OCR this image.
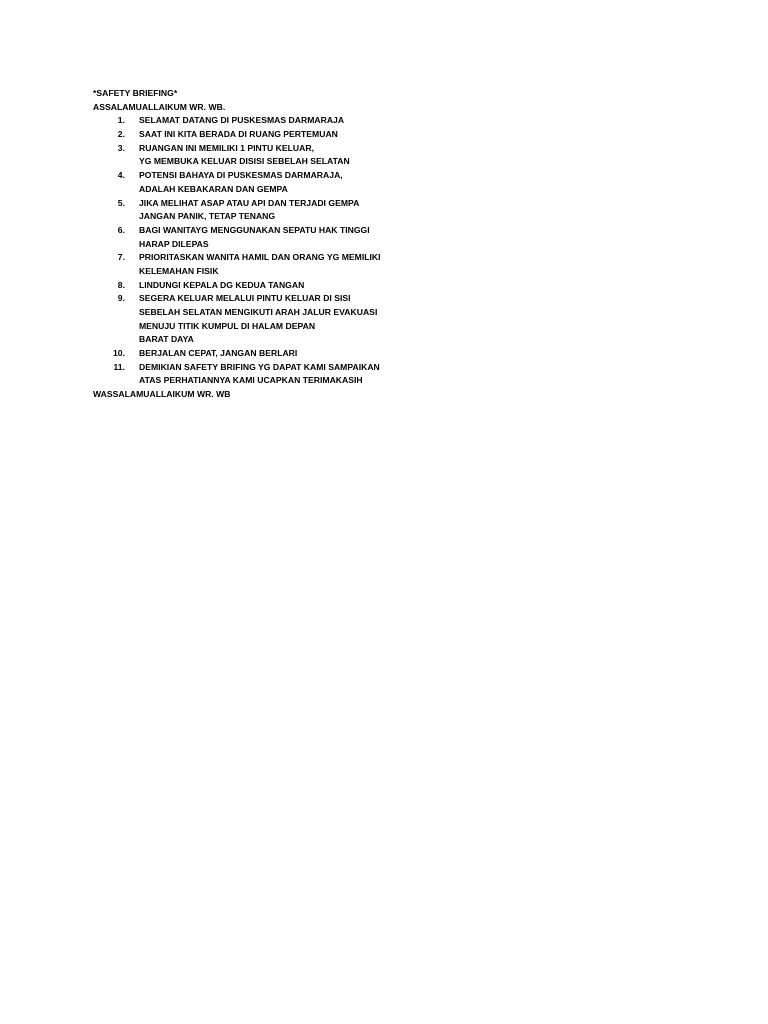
*SAFETY BRIEFING*
ASSALAMUALLAIKUM WR. WB.
1. SELAMAT DATANG DI PUSKESMAS DARMARAJA
2. SAAT INI KITA BERADA DI RUANG PERTEMUAN
3. RUANGAN INI MEMILIKI 1 PINTU KELUAR,
YG MEMBUKA KELUAR DISISI SEBELAH SELATAN
4. POTENSI BAHAYA DI PUSKESMAS DARMARAJA,
ADALAH KEBAKARAN DAN GEMPA
5. JIKA MELIHAT ASAP ATAU API DAN TERJADI GEMPA
JANGAN PANIK, TETAP TENANG
6. BAGI WANITAYG MENGGUNAKAN SEPATU HAK TINGGI
HARAP DILEPAS
7. PRIORITASKAN WANITA HAMIL DAN ORANG YG MEMILIKI
KELEMAHAN FISIK
8. LINDUNGI KEPALA DG KEDUA TANGAN
9. SEGERA KELUAR MELALUI PINTU KELUAR DI SISI
SEBELAH SELATAN MENGIKUTI ARAH JALUR EVAKUASI
MENUJU TITIK KUMPUL DI HALAM DEPAN
BARAT DAYA
10. BERJALAN CEPAT, JANGAN BERLARI
11. DEMIKIAN SAFETY BRIFING YG DAPAT KAMI SAMPAIKAN
ATAS PERHATIANNYA KAMI UCAPKAN TERIMAKASIH
WASSALAMUALLAIKUM WR. WB
